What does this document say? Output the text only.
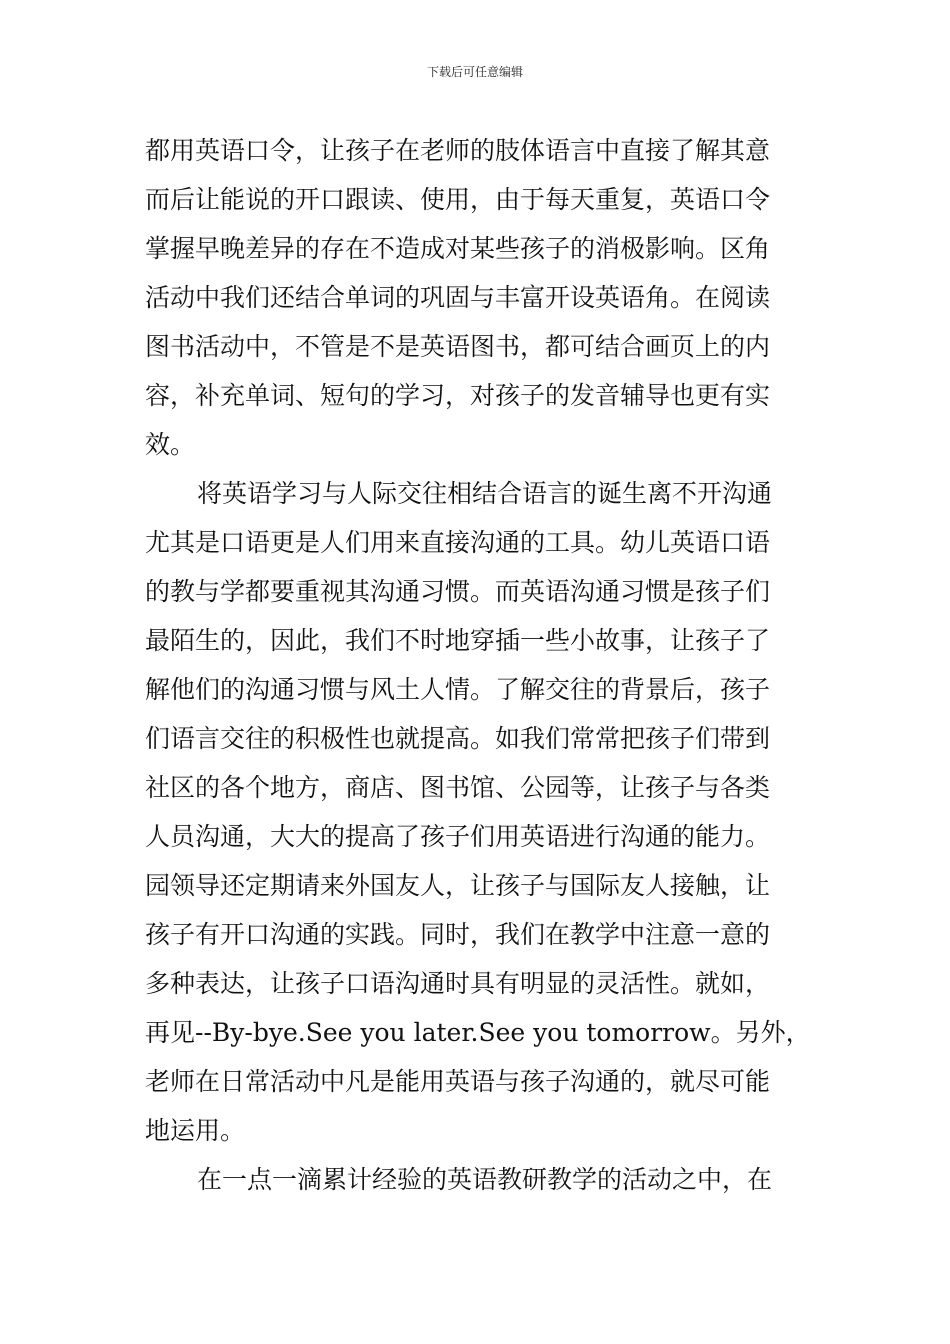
下载后可任意编辑
都用英语口令，让孩子在老师的肢体语言中直接了解其意
而后让能说的开口跟读、使用，由于每天重复，英语口令
掌握早晚差异的存在不造成对某些孩子的消极影响。区角
活动中我们还结合单词的巩固与丰富开设英语角。在阅读
图书活动中，不管是不是英语图书，都可结合画页上的内
容，补充单词、短句的学习，对孩子的发音辅导也更有实
效。
将英语学习与人际交往相结合语言的诞生离不开沟通
尤其是口语更是人们用来直接沟通的工具。幼儿英语口语
的教与学都要重视其沟通习惯。而英语沟通习惯是孩子们
最陌生的，因此，我们不时地穿插一些小故事，让孩子了
解他们的沟通习惯与风土人情。了解交往的背景后，孩子
们语言交往的积极性也就提高。如我们常常把孩子们带到
社区的各个地方，商店、图书馆、公园等，让孩子与各类
人员沟通，大大的提高了孩子们用英语进行沟通的能力。
园领导还定期请来外国友人，让孩子与国际友人接触，让
孩子有开口沟通的实践。同时，我们在教学中注意一意的
多种表达，让孩子口语沟通时具有明显的灵活性。就如，
再见--By-bye.See you later.See you tomorrow。另外，
老师在日常活动中凡是能用英语与孩子沟通的，就尽可能
地运用。
在一点一滴累计经验的英语教研教学的活动之中，在
